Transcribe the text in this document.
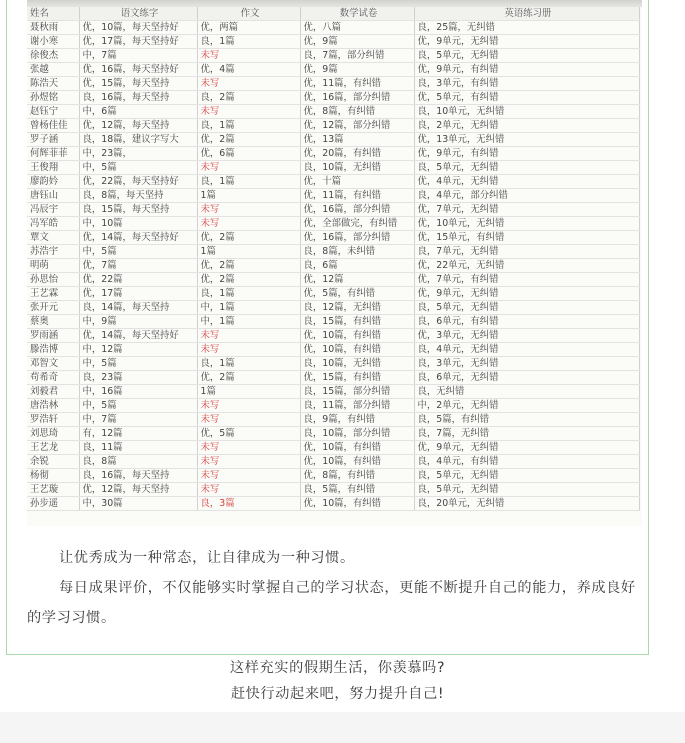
姓名	语文练字	作文	数学试卷	英语练习册
聂秋雨	优，10篇，每天坚持好	优，两篇	优，八篇	良，25篇，无纠错
谢小寒	优，17篇，每天坚持好	良，1篇	优，9篇	优，9单元，无纠错
徐俊杰	中，7篇	未写	良，7篇，部分纠错	良，5单元，无纠错
张越	优，16篇，每天坚持好	优，4篇	优，9篇	优，9单元，有纠错
陈浩天	优，15篇，每天坚持	未写	优，11篇，有纠错	良，3单元，有纠错
孙煜铭	良，16篇，每天坚持	良，2篇	优，16篇，部分纠错	优，5单元，有纠错
赵钰宁	中，6篇	未写	优，8篇，有纠错	良，10单元，无纠错
曾杨佳佳	优，12篇，每天坚持	良，1篇	优，12篇，部分纠错	良，2单元，无纠错
罗子涵	良，18篇，建议字写大	优，2篇	优，13篇	优，13单元，无纠错
何辉菲菲	中，23篇，	优，6篇	优，20篇，有纠错	优，9单元，有纠错
王俊翔	中，5篇	未写	良，10篇，无纠错	良，5单元，无纠错
廖韵妗	优，22篇，每天坚持好	良，1篇	优，十篇	优，4单元，无纠错
唐钰山	良，8篇，每天坚持	1篇	优，11篇，有纠错	良，4单元，部分纠错
冯辰宇	良，15篇，每天坚持	未写	优，16篇，部分纠错	优，7单元，无纠错
冯军皓	中，10篇	未写	优，全部做完，有纠错	优，10单元，无纠错
覃文	优，14篇，每天坚持好	优，2篇	优，16篇，部分纠错	优，15单元，有纠错
苏浩宇	中，5篇	1篇	良，8篇，未纠错	良，7单元，无纠错
明萌	优，7篇	优，2篇	良，6篇	优，22单元，无纠错
孙思怡	优，22篇	优，2篇	优，12篇	优，7单元，有纠错
王艺霖	优，17篇	良，1篇	优，5篇，有纠错	优，9单元，无纠错
张开元	良，14篇，每天坚持	中，1篇	良，12篇，无纠错	良，5单元，无纠错
蔡奥	中，9篇	中，1篇	良，15篇，有纠错	良，6单元，有纠错
罗雨涵	优，14篇，每天坚持好	未写	优，10篇，有纠错	优，3单元，无纠错
滕浩博	中，12篇	未写	优，10篇，有纠错	良，4单元，无纠错
邓智文	中，5篇	良，1篇	良，10篇，无纠错	良，3单元，无纠错
苟希奇	良，23篇	优，2篇	优，15篇，有纠错	良，6单元，无纠错
刘毅君	中，16篇	1篇	良，15篇，部分纠错	良，无纠错
唐浩林	中，5篇	未写	良，11篇，部分纠错	中，2单元，无纠错
罗浩轩	中，7篇	未写	良，9篇，有纠错	良，5篇，有纠错
刘思琦	有，12篇	优，5篇	良，10篇，部分纠错	良，7篇，无纠错
王艺龙	良，11篇	未写	优，10篇，有纠错	优，9单元，无纠错
余锐	良，8篇	未写	优，10篇，有纠错	良，4单元，有纠错
杨彻	良，16篇，每天坚持	未写	优，8篇，有纠错	良，5单元，无纠错
王艺璇	优，12篇，每天坚持	未写	良，5篇，有纠错	良，5单元，无纠错
孙步遥	中，30篇	良，3篇	优，10篇，有纠错	良，20单元，无纠错
让优秀成为一种常态，让自律成为一种习惯。
每日成果评价，不仅能够实时掌握自己的学习状态，更能不断提升自己的能力，养成良好的学习习惯。
这样充实的假期生活，你羡慕吗?
赶快行动起来吧，努力提升自己!
